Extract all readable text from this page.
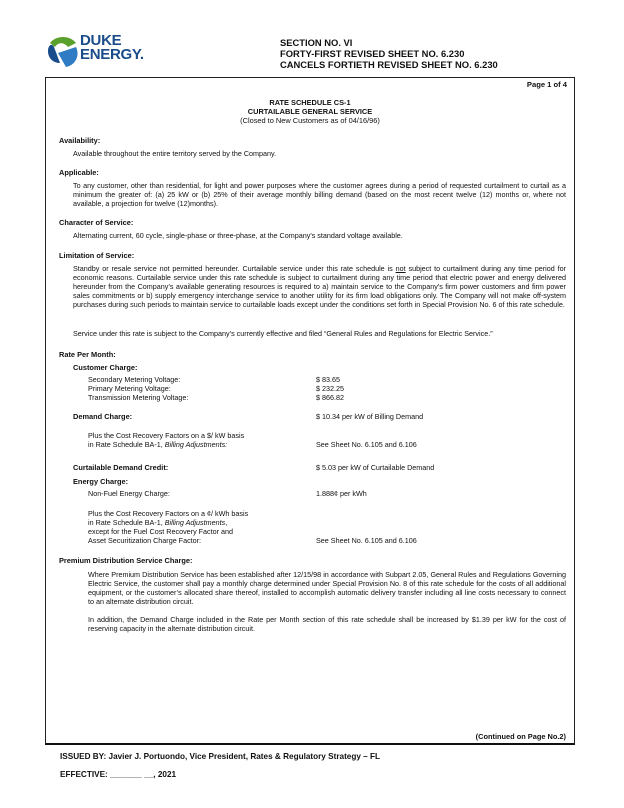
DUKE
ENERGY.
SECTION NO. VI
FORTY-FIRST REVISED SHEET NO. 6.230
CANCELS FORTIETH REVISED SHEET NO. 6.230
Page 1 of 4
RATE SCHEDULE CS-1
CURTAILABLE GENERAL SERVICE
(Closed to New Customers as of 04/16/96)
Availability:
Available throughout the entire territory served by the Company.
Applicable:
To any customer, other than residential, for light and power purposes where the customer agrees during a period of requested curtailment to curtail as a minimum the greater of: (a) 25 kW or (b) 25% of their average monthly billing demand (based on the most recent twelve (12) months or, where not available, a projection for twelve (12)months).
Character of Service:
Alternating current, 60 cycle, single-phase or three-phase, at the Company's standard voltage available.
Limitation of Service:
Standby or resale service not permitted hereunder. Curtailable service under this rate schedule is not subject to curtailment during any time period for economic reasons. Curtailable service under this rate schedule is subject to curtailment during any time period that electric power and energy delivered hereunder from the Company’s available generating resources is required to a) maintain service to the Company's firm power customers and firm power sales commitments or b) supply emergency interchange service to another utility for its firm load obligations only. The Company will not make off-system purchases during such periods to maintain service to curtailable loads except under the conditions set forth in Special Provision No. 6 of this rate schedule.
Service under this rate is subject to the Company’s currently effective and filed “General Rules and Regulations for Electric Service.”
Rate Per Month:
Customer Charge:
Secondary Metering Voltage:	$ 83.65
Primary Metering Voltage:	$ 232.25
Transmission Metering Voltage:	$ 866.82
Demand Charge:	$ 10.34 per kW of Billing Demand
Plus the Cost Recovery Factors on a $/ kW basis
in Rate Schedule BA-1, Billing Adjustments:	See Sheet No. 6.105 and 6.106
Curtailable Demand Credit:	$ 5.03 per kW of Curtailable Demand
Energy Charge:
Non-Fuel Energy Charge:	1.888¢ per kWh
Plus the Cost Recovery Factors on a ¢/ kWh basis
in Rate Schedule BA-1, Billing Adjustments,
except for the Fuel Cost Recovery Factor and
Asset Securitization Charge Factor:	See Sheet No. 6.105 and 6.106
Premium Distribution Service Charge:
Where Premium Distribution Service has been established after 12/15/98 in accordance with Subpart 2.05, General Rules and Regulations Governing Electric Service, the customer shall pay a monthly charge determined under Special Provision No. 8 of this rate schedule for the costs of all additional equipment, or the customer’s allocated share thereof, installed to accomplish automatic delivery transfer including all line costs necessary to connect to an alternate distribution circuit.
In addition, the Demand Charge included in the Rate per Month section of this rate schedule shall be increased by $1.39 per kW for the cost of reserving capacity in the alternate distribution circuit.
(Continued on Page No.2)
ISSUED BY: Javier J. Portuondo, Vice President, Rates & Regulatory Strategy – FL
EFFECTIVE: _______ __, 2021
